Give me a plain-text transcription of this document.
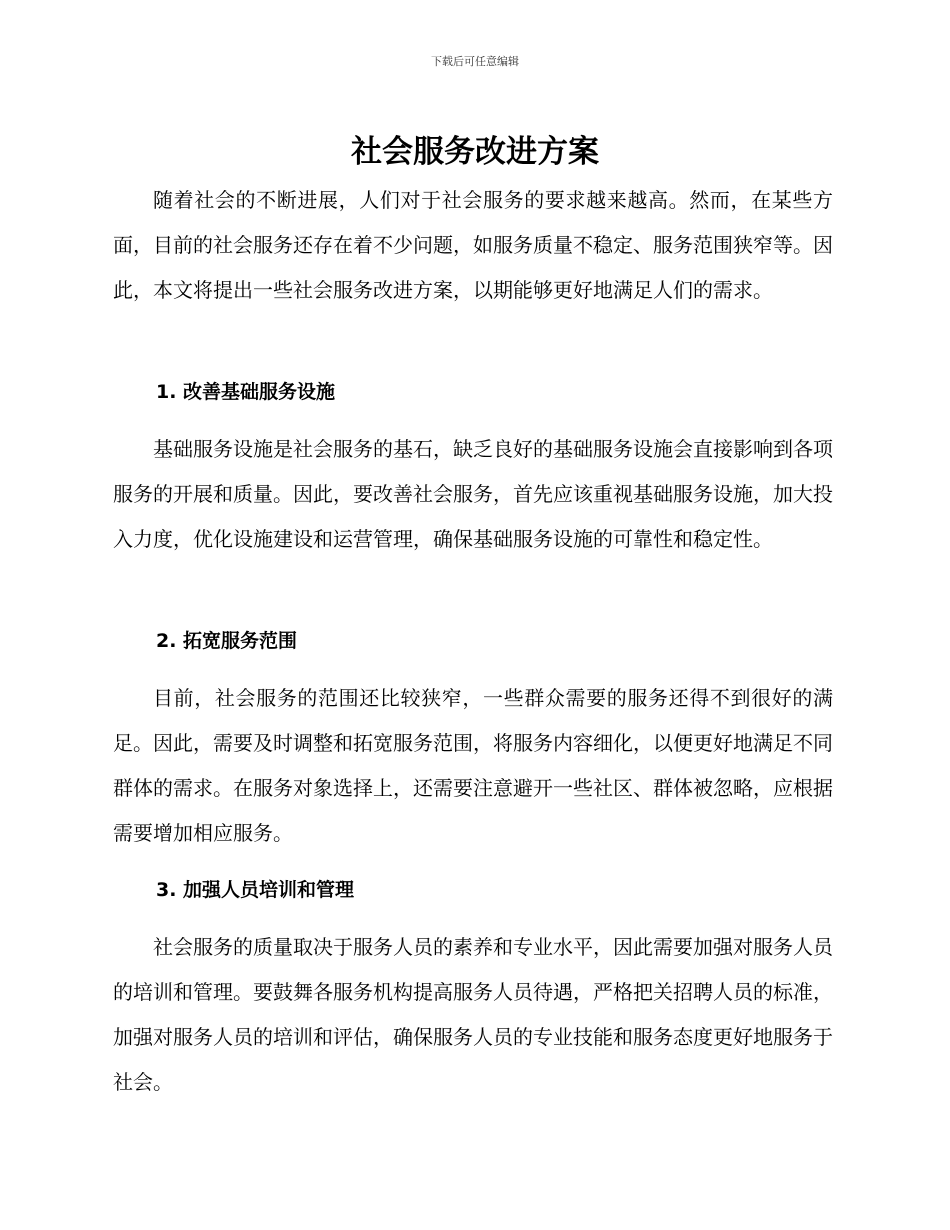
下载后可任意编辑
社会服务改进方案

随着社会的不断进展，人们对于社会服务的要求越来越高。然而，在某些方面，目前的社会服务还存在着不少问题，如服务质量不稳定、服务范围狭窄等。因此，本文将提出一些社会服务改进方案，以期能够更好地满足人们的需求。

1. 改善基础服务设施

基础服务设施是社会服务的基石，缺乏良好的基础服务设施会直接影响到各项服务的开展和质量。因此，要改善社会服务，首先应该重视基础服务设施，加大投入力度，优化设施建设和运营管理，确保基础服务设施的可靠性和稳定性。

2. 拓宽服务范围

目前，社会服务的范围还比较狭窄，一些群众需要的服务还得不到很好的满足。因此，需要及时调整和拓宽服务范围，将服务内容细化，以便更好地满足不同群体的需求。在服务对象选择上，还需要注意避开一些社区、群体被忽略，应根据需要增加相应服务。

3. 加强人员培训和管理

社会服务的质量取决于服务人员的素养和专业水平，因此需要加强对服务人员的培训和管理。要鼓舞各服务机构提高服务人员待遇，严格把关招聘人员的标准，加强对服务人员的培训和评估，确保服务人员的专业技能和服务态度更好地服务于社会。
